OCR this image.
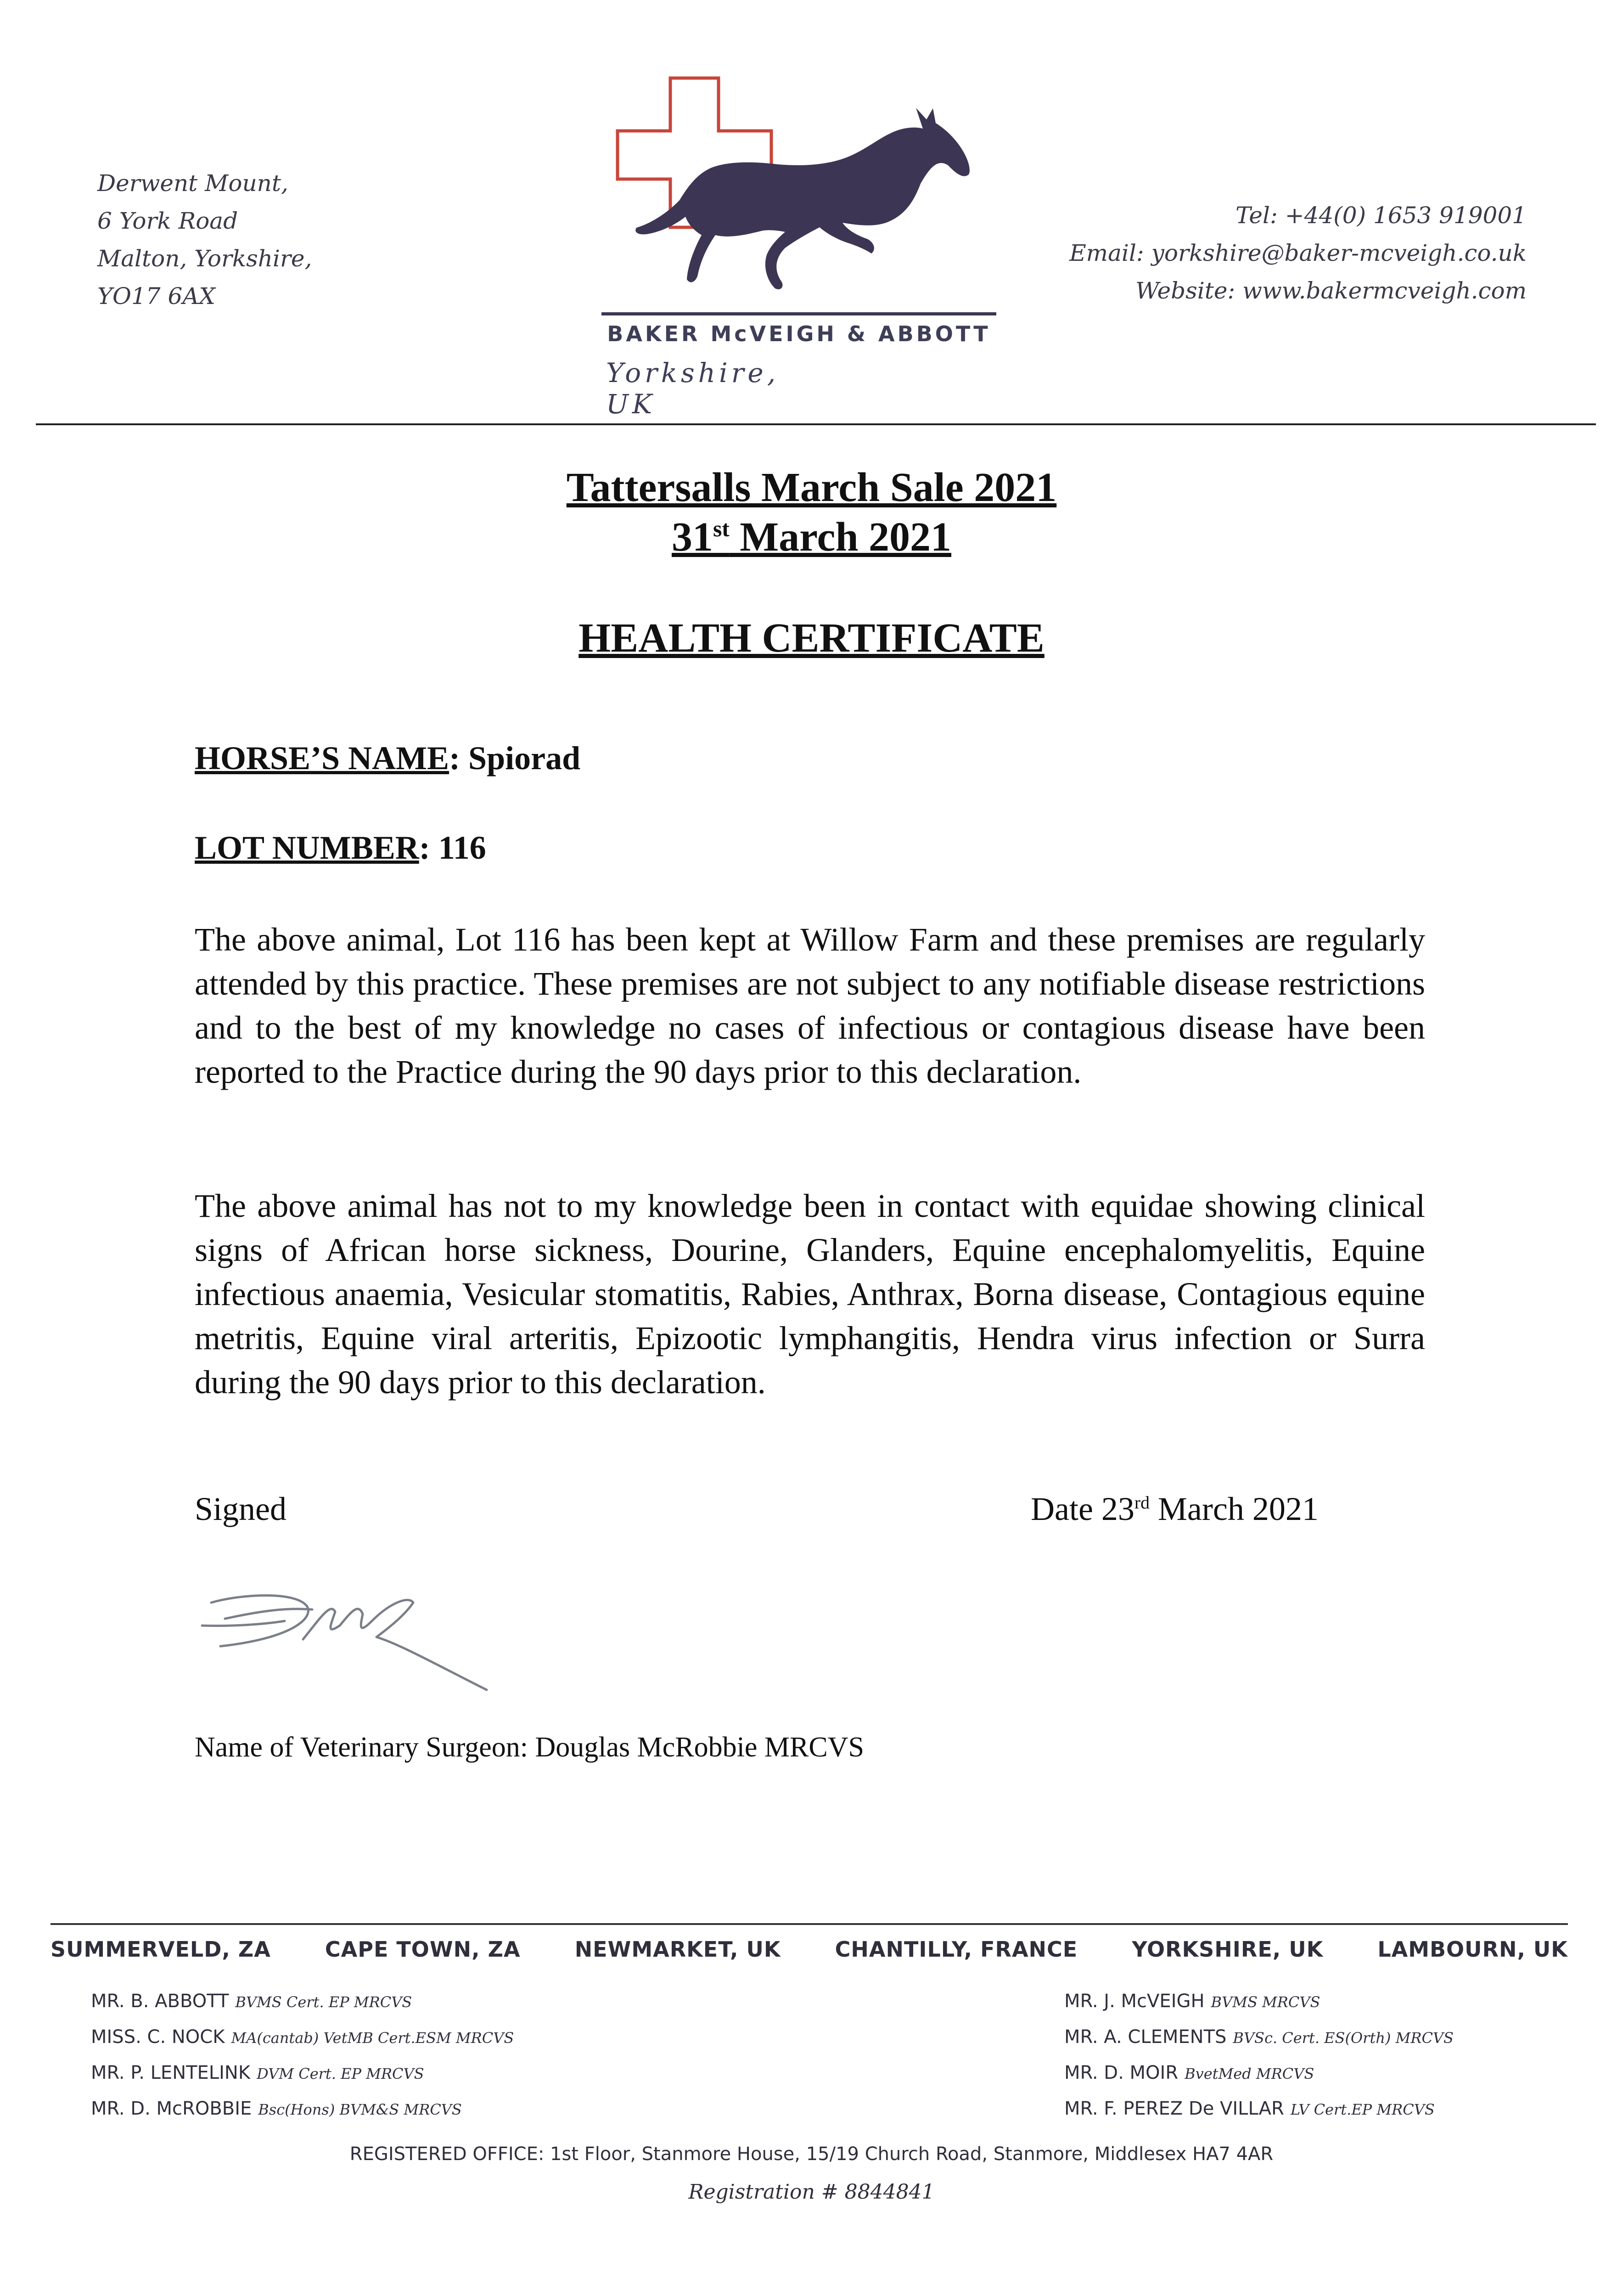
Derwent Mount,
6 York Road
Malton, Yorkshire,
YO17 6AX
BAKER McVEIGH & ABBOTT
Yorkshire, UK
Tel: +44(0) 1653 919001
Email: yorkshire@baker-mcveigh.co.uk
Website: www.bakermcveigh.com
Tattersalls March Sale 2021
31st March 2021
HEALTH CERTIFICATE
HORSE’S NAME: Spiorad
LOT NUMBER: 116
The above animal, Lot 116 has been kept at Willow Farm and these premises are regularly attended by this practice. These premises are not subject to any notifiable disease restrictions and to the best of my knowledge no cases of infectious or contagious disease have been reported to the Practice during the 90 days prior to this declaration.
The above animal has not to my knowledge been in contact with equidae showing clinical signs of African horse sickness, Dourine, Glanders, Equine encephalomyelitis, Equine infectious anaemia, Vesicular stomatitis, Rabies, Anthrax, Borna disease, Contagious equine metritis, Equine viral arteritis, Epizootic lymphangitis, Hendra virus infection or Surra during the 90 days prior to this declaration.
Signed	Date 23rd March 2021
Name of Veterinary Surgeon: Douglas McRobbie MRCVS
SUMMERVELD, ZA	CAPE TOWN, ZA	NEWMARKET, UK	CHANTILLY, FRANCE	YORKSHIRE, UK	LAMBOURN, UK
MR. B. ABBOTT BVMS Cert. EP MRCVS
MISS. C. NOCK MA(cantab) VetMB Cert.ESM MRCVS
MR. P. LENTELINK DVM Cert. EP MRCVS
MR. D. McROBBIE Bsc(Hons) BVM&S MRCVS
MR. J. McVEIGH BVMS MRCVS
MR. A. CLEMENTS BVSc. Cert. ES(Orth) MRCVS
MR. D. MOIR BvetMed MRCVS
MR. F. PEREZ De VILLAR LV Cert.EP MRCVS
REGISTERED OFFICE: 1st Floor, Stanmore House, 15/19 Church Road, Stanmore, Middlesex HA7 4AR
Registration # 8844841
